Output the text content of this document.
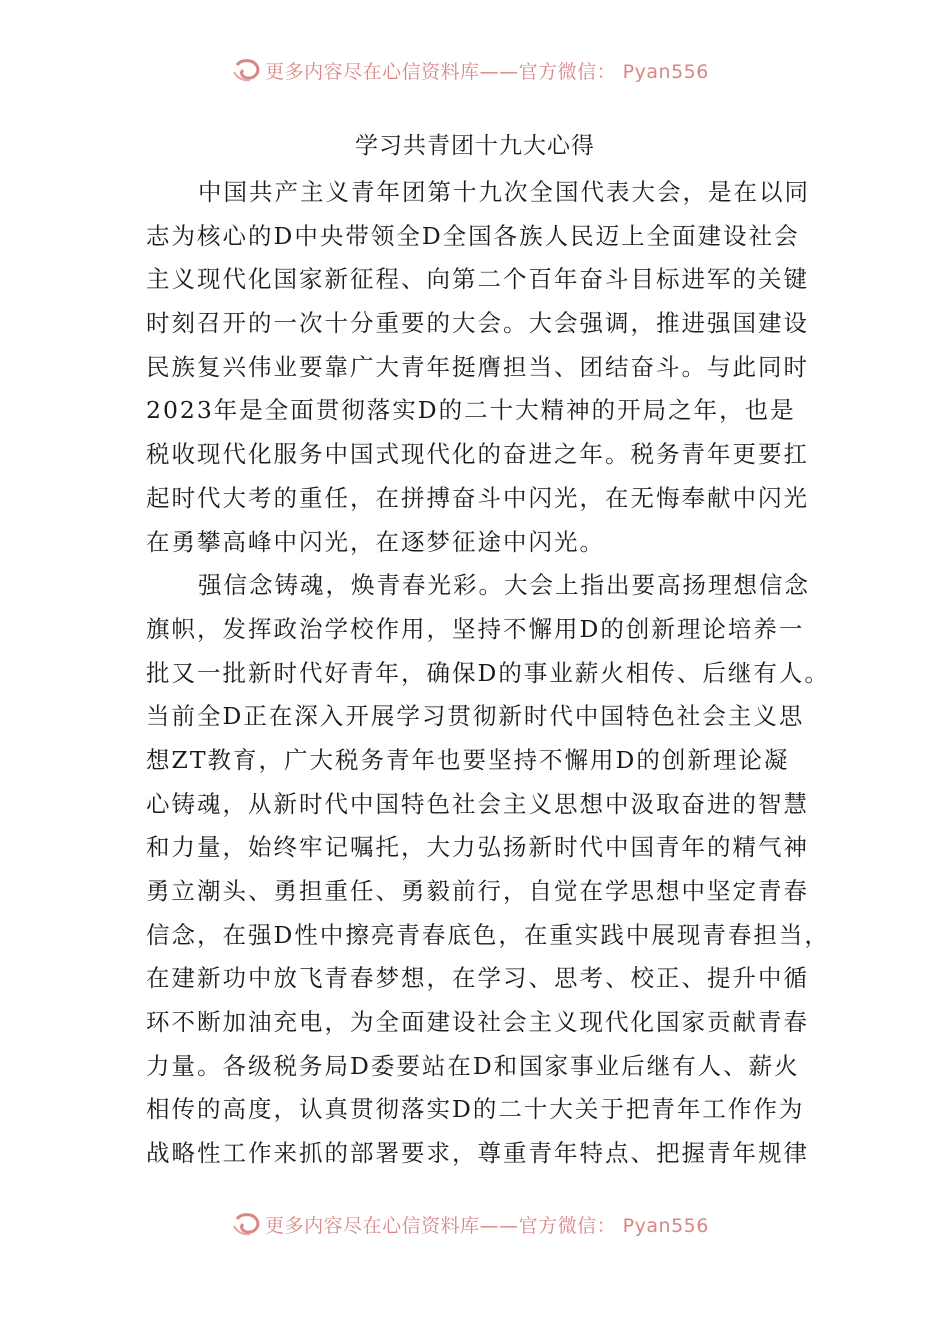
更多内容尽在心信资料库——官方微信： Pyan556
学习共青团十九大心得
中国共产主义青年团第十九次全国代表大会，是在以同
志为核心的D中央带领全D全国各族人民迈上全面建设社会
主义现代化国家新征程、向第二个百年奋斗目标进军的关键
时刻召开的一次十分重要的大会。大会强调，推进强国建设
民族复兴伟业要靠广大青年挺膺担当、团结奋斗。与此同时
2023年是全面贯彻落实D的二十大精神的开局之年，也是
税收现代化服务中国式现代化的奋进之年。税务青年更要扛
起时代大考的重任，在拼搏奋斗中闪光，在无悔奉献中闪光
在勇攀高峰中闪光，在逐梦征途中闪光。
强信念铸魂，焕青春光彩。大会上指出要高扬理想信念
旗帜，发挥政治学校作用，坚持不懈用D的创新理论培养一
批又一批新时代好青年，确保D的事业薪火相传、后继有人。
当前全D正在深入开展学习贯彻新时代中国特色社会主义思
想ZT教育，广大税务青年也要坚持不懈用D的创新理论凝
心铸魂，从新时代中国特色社会主义思想中汲取奋进的智慧
和力量，始终牢记嘱托，大力弘扬新时代中国青年的精气神
勇立潮头、勇担重任、勇毅前行，自觉在学思想中坚定青春
信念，在强D性中擦亮青春底色，在重实践中展现青春担当，
在建新功中放飞青春梦想，在学习、思考、校正、提升中循
环不断加油充电，为全面建设社会主义现代化国家贡献青春
力量。各级税务局D委要站在D和国家事业后继有人、薪火
相传的高度，认真贯彻落实D的二十大关于把青年工作作为
战略性工作来抓的部署要求，尊重青年特点、把握青年规律
更多内容尽在心信资料库——官方微信： Pyan556
